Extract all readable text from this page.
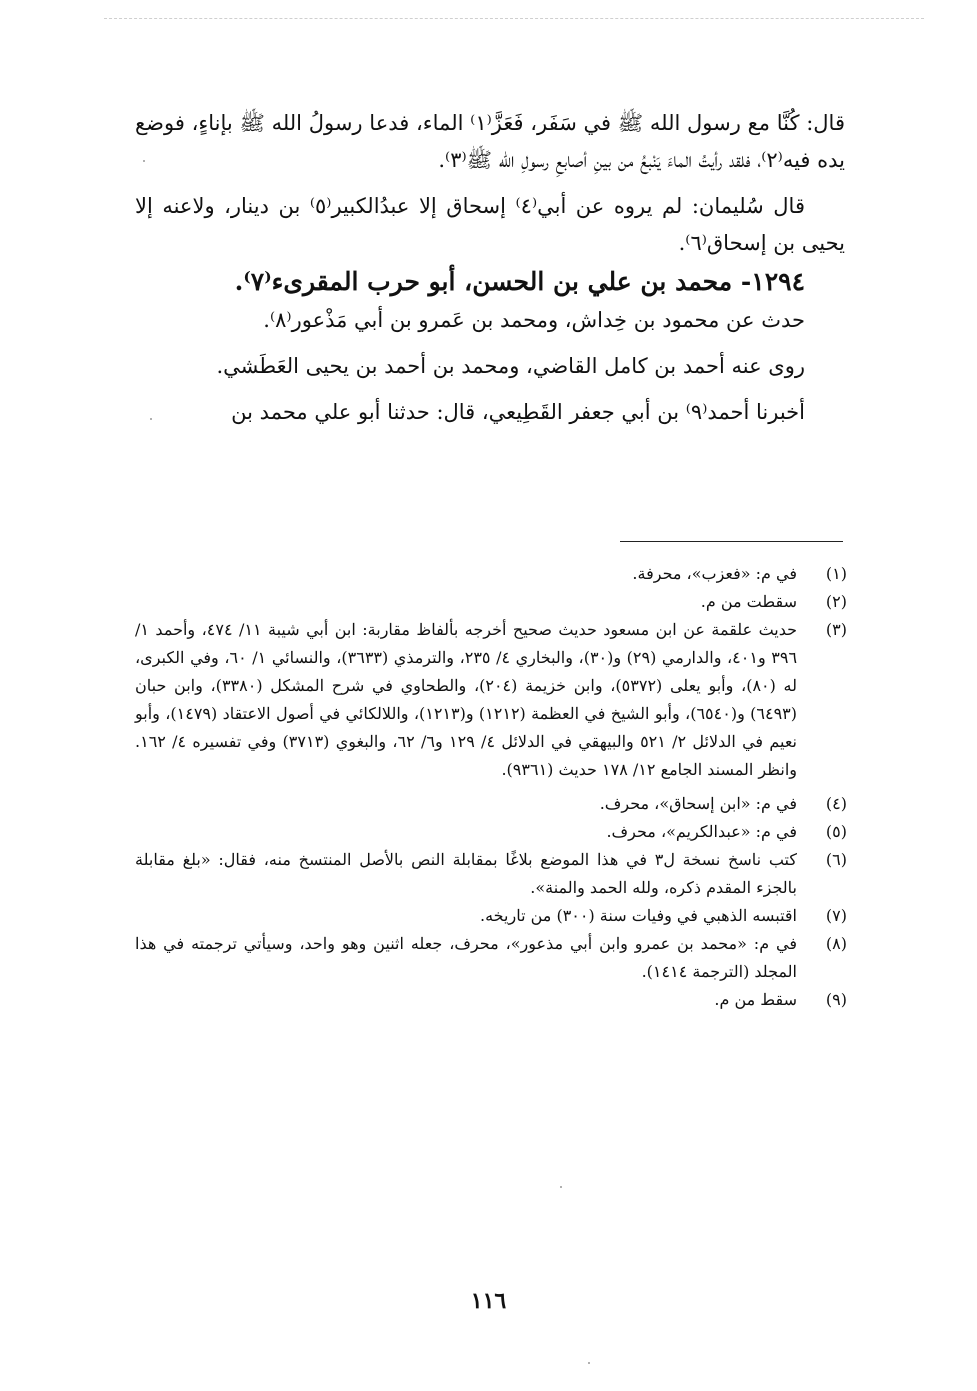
قال: كُنَّا مع رسول الله ﷺ في سَفَر، فَعَزَّ⁽١⁾ الماء، فدعا رسولُ الله ﷺ بإناءٍ، فوضع يده فيه⁽٢⁾، فلقد رأيتُ الماءَ يَنْبعُ من بينِ أصابعِ رسولِ الله ﷺ⁽٣⁾.

قال سُليمان: لم يروه عن أبي⁽٤⁾ إسحاق إلا عبدُالكبير⁽٥⁾ بن دينار، ولاعنه إلا يحيى بن إسحاق⁽٦⁾.

١٢٩٤- محمد بن علي بن الحسن، أبو حرب المقرىء⁽٧⁾.

حدث عن محمود بن خِداش، ومحمد بن عَمرو بن أبي مَذْعور⁽٨⁾.

روى عنه أحمد بن كامل القاضي، ومحمد بن أحمد بن يحيى العَطَشي.

أخبرنا أحمد⁽٩⁾ بن أبي جعفر القَطِيعي، قال: حدثنا أبو علي محمد بن

(١)
في م: «فعزب»، محرفة.
(٢)
سقطت من م.
(٣)
حديث علقمة عن ابن مسعود حديث صحيح أخرجه بألفاظ مقاربة: ابن أبي شيبة ١١/ ٤٧٤، وأحمد ١/ ٣٩٦ و٤٠١، والدارمي (٢٩) و(٣٠)، والبخاري ٤/ ٢٣٥، والترمذي (٣٦٣٣)، والنسائي ١/ ٦٠، وفي الكبرى، له (٨٠)، وأبو يعلى (٥٣٧٢)، وابن خزيمة (٢٠٤)، والطحاوي في شرح المشكل (٣٣٨٠)، وابن حبان (٦٤٩٣) و(٦٥٤٠)، وأبو الشيخ في العظمة (١٢١٢) و(١٢١٣)، واللالكائي في أصول الاعتقاد (١٤٧٩)، وأبو نعيم في الدلائل ٢/ ٥٢١ والبيهقي في الدلائل ٤/ ١٢٩ و٦/ ٦٢، والبغوي (٣٧١٣) وفي تفسيره ٤/ ١٦٢. وانظر المسند الجامع ١٢/ ١٧٨ حديث (٩٣٦١).
(٤)
في م: «ابن إسحاق»، محرف.
(٥)
في م: «عبدالكريم»، محرف.
(٦)
كتب ناسخ نسخة ل٣ في هذا الموضع بلاغًا بمقابلة النص بالأصل المنتسخ منه، فقال: «بلغ مقابلة بالجزء المقدم ذكره، ولله الحمد والمنة».
(٧)
اقتبسه الذهبي في وفيات سنة (٣٠٠) من تاريخه.
(٨)
في م: «محمد بن عمرو وابن أبي مذعور»، محرف، جعله اثنين وهو واحد، وسيأتي ترجمته في هذا المجلد (الترجمة ١٤١٤).
(٩)
سقط من م.
١١٦
